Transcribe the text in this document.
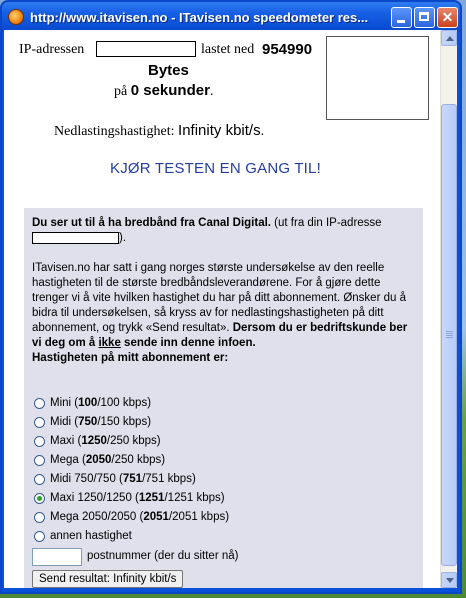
http://www.itavisen.no - ITavisen.no speedometer res...	✕
IP-adressen	lastet ned 954990
Bytes
på 0 sekunder.
Nedlastingshastighet: Infinity kbit/s.
KJØR TESTEN EN GANG TIL!
Du ser ut til å ha bredbånd fra Canal Digital. (ut fra din IP-adresse ).
ITavisen.no har satt i gang norges største undersøkelse av den reelle hastigheten til de største bredbåndsleverandørene. For å gjøre dette trenger vi å vite hvilken hastighet du har på ditt abonnement. Ønsker du å bidra til undersøkelsen, så kryss av for nedlastingshastigheten på ditt abonnement, og trykk «Send resultat». Dersom du er bedriftskunde ber vi deg om å ikke sende inn denne infoen.
Hastigheten på mitt abonnement er:
Mini (100/100 kbps)
Midi (750/150 kbps)
Maxi (1250/250 kbps)
Mega (2050/250 kbps)
Midi 750/750 (751/751 kbps)
Maxi 1250/1250 (1251/1251 kbps)
Mega 2050/2050 (2051/2051 kbps)
annen hastighet
postnummer (der du sitter nå)
Send resultat: Infinity kbit/s
